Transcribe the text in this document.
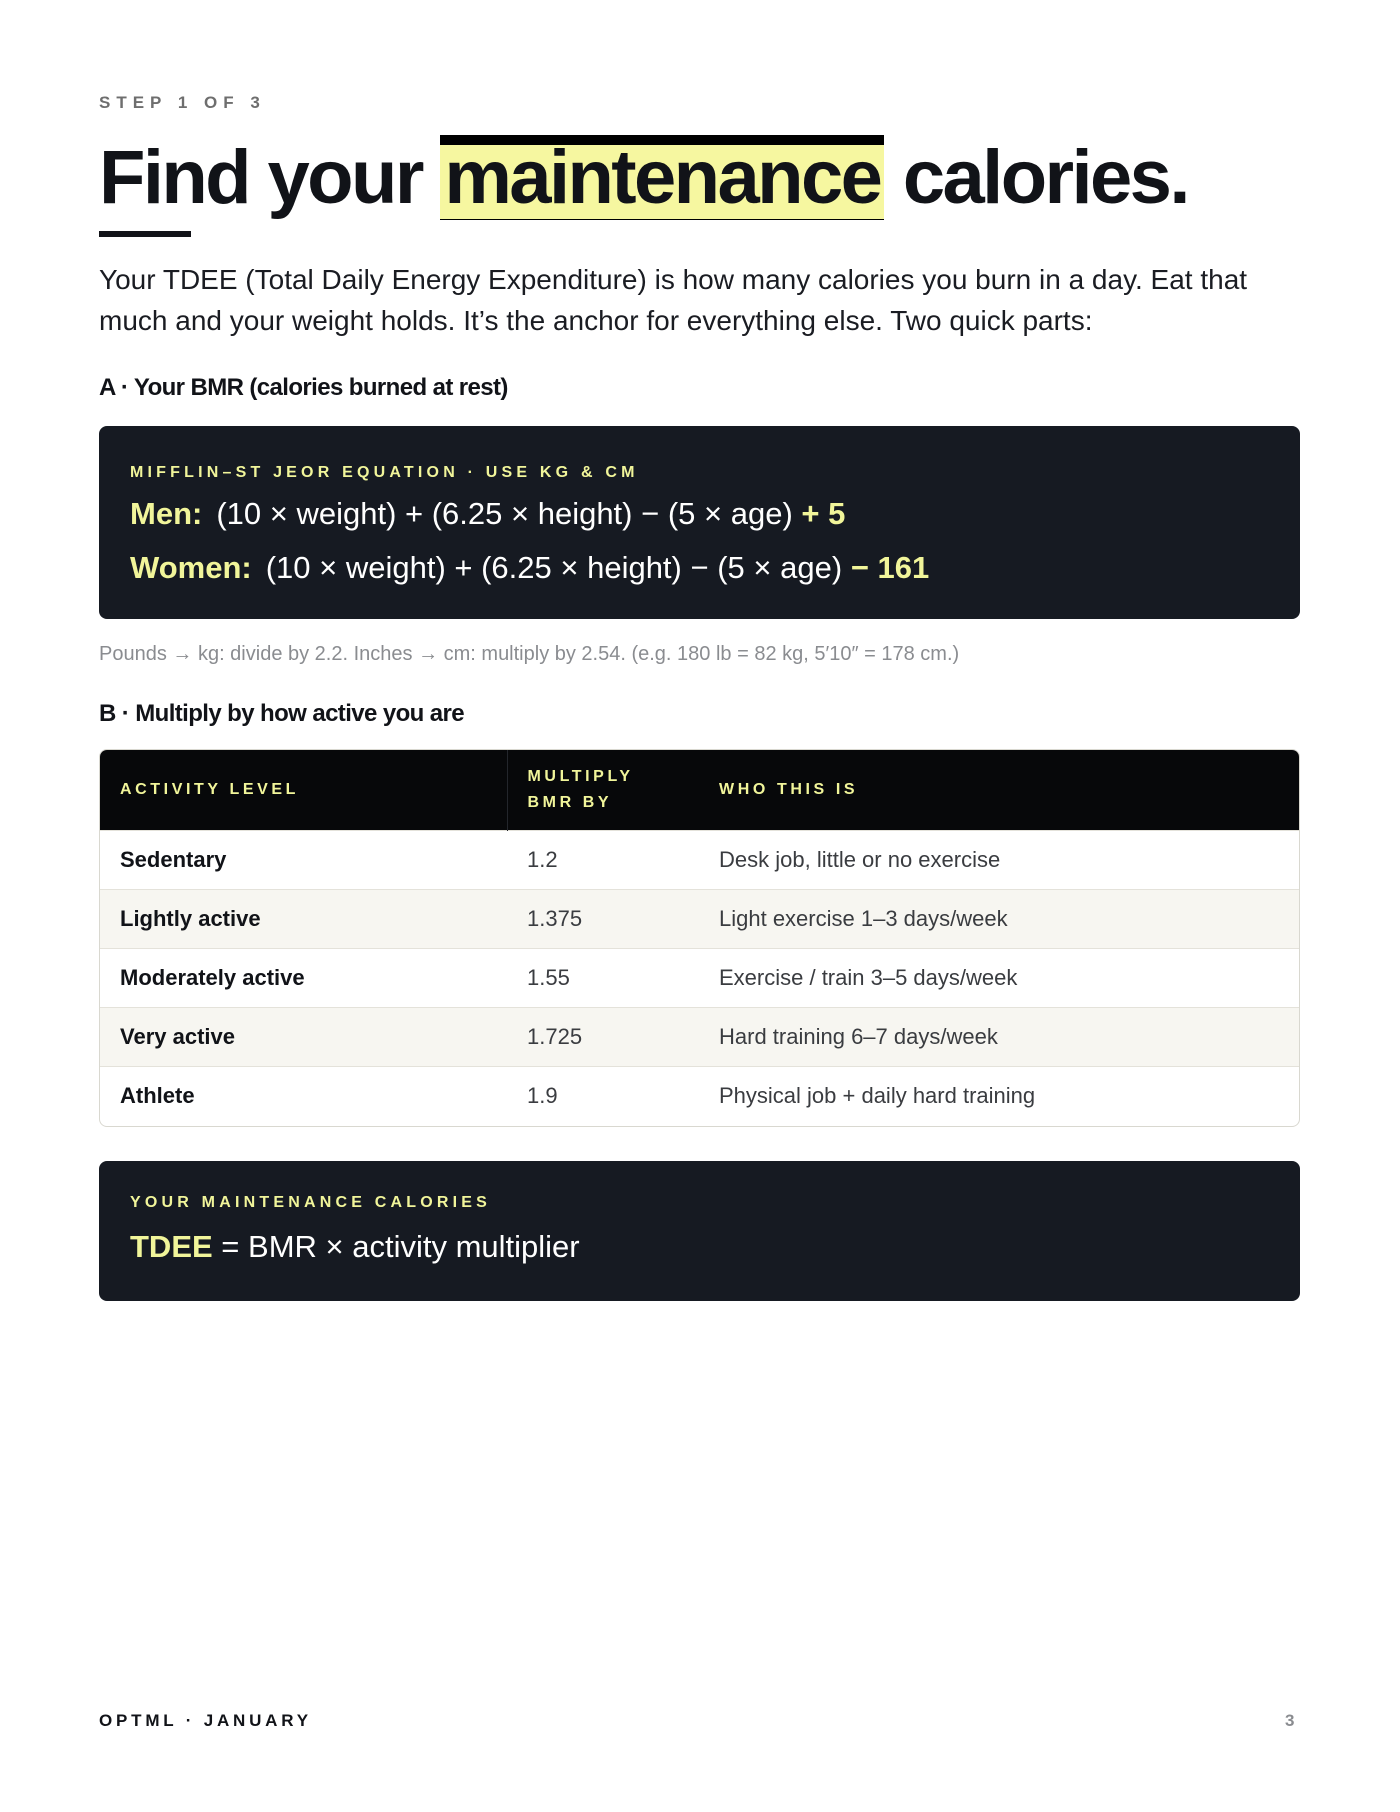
STEP 1 OF 3
Find your maintenance calories.

Your TDEE (Total Daily Energy Expenditure) is how many calories you burn in a day. Eat that much and your weight holds. It’s the anchor for everything else. Two quick parts:

A · Your BMR (calories burned at rest)
MIFFLIN–ST JEOR EQUATION · USE KG & CM
Men: (10 × weight) + (6.25 × height) − (5 × age) + 5
Women: (10 × weight) + (6.25 × height) − (5 × age) − 161

Pounds → kg: divide by 2.2. Inches → cm: multiply by 2.54. (e.g. 180 lb = 82 kg, 5′10″ = 178 cm.)

B · Multiply by how active you are
ACTIVITY LEVEL	MULTIPLY BMR BY	WHO THIS IS
Sedentary	1.2	Desk job, little or no exercise
Lightly active	1.375	Light exercise 1–3 days/week
Moderately active	1.55	Exercise / train 3–5 days/week
Very active	1.725	Hard training 6–7 days/week
Athlete	1.9	Physical job + daily hard training
YOUR MAINTENANCE CALORIES
TDEE = BMR × activity multiplier
OPTML · JANUARY	3
